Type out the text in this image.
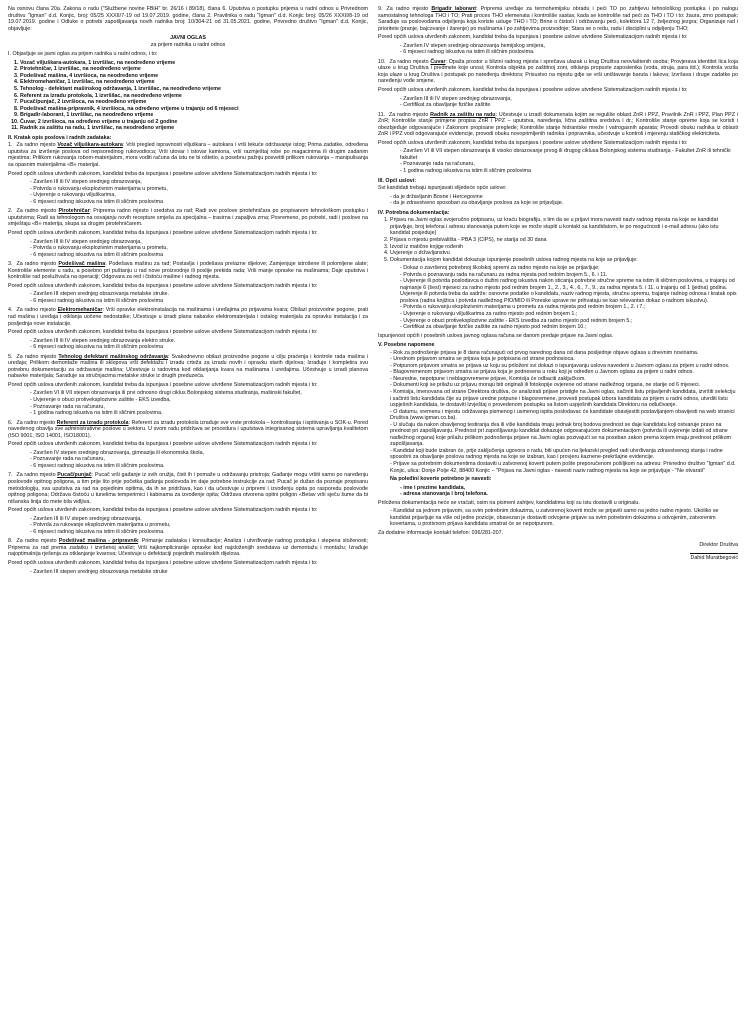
Na osnovu člana 20a. Zakona o radu ("Službene novine FBiH" br. 26/16 i 89/18), člana 6. Uputstva o postupku prijema u radni odnos u Privrednom društvu "Igman" d.d. Konjic, broj: 05/25 XXXII/7-19 od 19.07.2019. godine, člana 2. Pravilnika o radu "Igman" d.d. Konjic broj: 05/26 XXXII/8-19 od 19.07.2019. godine i Odluke o potrebi zapošljavanja novih radnika broj: 10/304-21 od 31.05.2021. godine, Privredno društvo "Igman" d.d. Konjic, objavljuje:

JAVNI OGLAS
za prijem radnika u radni odnos

I. Objavljuje se javni oglas za prijem radnika u radni odnos, i to:

1. Vozač viljuškara-autokara, 1 izvršilac, na neodređeno vrijeme
2. Pirotehničar, 1 izvršilac, na neodređeno vrijeme
3. Podešivač mašina, 4 izvršioca, na neodređeno vrijeme
4. Elektromehaničar, 1 izvršilac, na neodređeno vrijeme
5. Tehnolog - defektant mašinskog održavanja, 1 izvršilac, na neodređeno vrijeme
6. Referent za izradu protokola, 1 izvršilac, na neodređeno vrijeme
7. Pucač/punjač, 2 izvršioca, na neodređeno vrijeme
8. Podešivač mašina-pripravnik, 4 izvršioca, na određeno vrijeme u trajanju od 6 mjeseci
9. Brigadir-laborant, 1 izvršilac, na neodređeno vrijeme
10. Čuvar, 2 izvršioca, na određeno vrijeme u trajanju od 2 godine
11. Radnik za zaštitu na radu, 1 izvršilac, na neodređeno vrijeme
II. Kratak opis poslova i radnih zadataka:

1. Za radno mjesto Vozač viljuškara-autokara: Vrši pregled ispravnosti viljuškara – autokara i vrši tekuće održavanje istog; Prima zadatke, određena uputstva za izvršenje poslova od nepsoredinog rukovodioca; Vrši utovar i istovar kamiona, vrši razmještaj robe po magacinima ili drugim zadanim mjestima; Prilikom rukovanja robom-materijalom, mora voditi računa da istu ne bi oštetio, a posebnu pažnju posvetiti prilikom rukovanja – manipulisanja sa opasnim materijalima «B» materijal.

Pored općih uslova utvrđenih zakonom, kandidat treba da ispunjava i posebne uslove utvrđene Sistematizacijom radnih mjesta i to:

- Završen III ili IV stepen srednjeg obrazovanja,
- Potvrda o rukovanju eksplozivnim materijama u prometu,
- Uvjerenje o rukovanju viljuškarima,
- 6 mjeseci radnog iskustva na istim ili sličnim poslovima

2. Za radno mjesto Pirotehničar: Priprema radno mjesto i sredstva za rad; Radi sve poslove pirotehničara po propisanom tehnološkom postupku i uputstvima; Radi sa tehnologom na osvajanju novih recepture smješa za specijalna – trasirna i zapaljiva zrna; Povremeno, po potrebi, radi i poslove na smještaju «B» materija, skupa sa drugim pirotehničarem.

Pored općih uslova utvrđenih zakonom, kandidat treba da ispunjava i posebne uslove utvrđene Sistematizacijom radnih mjesta i to:

- Završen III ili IV stepen srednjeg obrazovanja,
- Potvrda o rukovanju eksplozivnim materijama u prometu,
- 6 mjeseci radnog iskustva na istim ili sličnim poslovima

3. Za radno mjesto Podešivač mašina: Podešava mašinu za rad; Postavlja i podešava prelazne dijelove; Zamjenjuje istrošene ili polomljene alate; Kontroliše elemente u radu, a posebno pri puštanju u rad nove proizvodnje ili poslije prekida rada; Vrši manje opravke na mašinama; Daje uputstva i kontroliše rad posluživača na operaciji; Odgovara za red i čistoću mašine i radnog mjesta.

Pored općih uslova utvrđenih zakonom, kandidat treba da ispunjava i posebne uslove utvrđene Sistematizacijom radnih mjesta i to:

- Završen III stepen srednjeg obrazovanja metalske struke.
- 6 mjeseci radnog iskustva na istim ili sličnim poslovima

4. Za radno mjesto Elektromehaničar: Vrši opravke elektroinstalacija na mašinama i uređajima po prijavama kvara; Obilazi proizvodne pogone, prati rad mašina i uređaja i otklanja uočene nedostatke; Učestvuje u izradi plana nabavke elektromaterijala i ostalog materijala za opravku instalacija i za posljednja nove instalacije.

Pored općih uslova utvrđenih zakonom, kandidat treba da ispunjava i posebne uslove utvrđene Sistematizacijom radnih mjesta i to:

- Završen III ili IV stepen srednjeg obrazovanja elektro struke.
- 6 mjeseci radnog iskustva na istim ili sličnim poslovima

5. Za radno mjesto Tehnolog defektant mašinskog održavanja: Svakodnevno obilazi proizvodne pogone u cilju praćenja i kontrole rada mašina i uređaja; Prilikom demontaže mašina ili sklopova vrši defektažu i izradu crteža za izradu novih i opravku starih dijelova; Izrađuje i kompletira svu potrebnu dokumentaciju za održavanje mašina; Učestvuje u radovima kod otklanjanja kvara na mašinama i uređajima. Učestvuje u izradi planova nabavke materijala; Sarađuje sa stručnjacima metalske struke iz drugih preduzeća.

Pored općih uslova utvrđenih zakonom, kandidat treba da ispunjava i posebne uslove utvrđene Sistematizacijom radnih mjesta i to:

- Završen VI ili VII stepen obrazovanja ili prvi odnosno drugi ciklus Bolonjskog sistema studiranja, mašinski fakultet,
- Uvjerenje o obuci protiveksplozivne zaštite - EKS izvedba,
- Poznavanje rada na računaru,
- 1 godina radnog iskustva na istim ili sličnim poslovima.

6. Za radno mjesto Referent za izradu protokola: Referent za izradu protokola izrađuje sve vrste protokola – kontrolisanja i ispitivanja u SOK-u. Pored navedenog obavlja sve administrativne poslove u sektoru. U svom radu pridržava se procedura i uputstava integrisanog sistema upravljanja kvalitetom (ISO 9001, ISO 14001, ISO18001).

Pored općih uslova utvrđenih zakonom, kandidat treba da ispunjava i posebne uslove utvrđene Sistematizacijom radnih mjesta i to:

- Završen IV stepen srednjeg obrazovanja, gimnazija ili ekonomska škola,
- Poznavanje rada na računaru,
- 6 mjeseci radnog iskustva na istim ili sličnim poslovima.

7. Za radno mjesto Pucač/punjač: Pucač vrši gađanje iz svih oružja, čisti ih i pomaže u održavanju pristroja; Gađanje mogu vršiti samo po naređenju poslovođe opitnog poligona, a tim prije što prije početka gađanja poslovođa im daje potrebne instrukcije za rad; Pucač je dužan da poznaje propisanu metodologiju, sva uputstva za rad na pojedinim opitima, da ih se pridržava, kao i da učestvuje u pripremi i izvođenju opita po rasporedu poslovođe opitnog poligona; Održava čistoću u tunelima temperirnici i kabinama za izvođenje opita; Održava otvorena opitni poligon «Betav vrši sječu šume da bi nišanska linija do mete bila vidljiva.

Pored općih uslova utvrđenih zakonom, kandidat treba da ispunjava i posebne uslove utvrđene Sistematizacijom radnih mjesta i to:

- Završen III ili IV stepen srednjeg obrazovanja,
- Potvrda za rukovanje eksplozivnim materijama u prometu,
- 6 mjeseci radnog iskustva na istim ili sličnim poslovima.

8. Za radno mjesto Podešivač mašina - pripravnik: Primanje zadataka i konsultacije; Analiza i utvrđivanje radnog postupka i stepena složenosti; Priprema za rad prema zadatku i izvršenoj analizi; Vrši najkompliciranije opravke kod najsloženijih sredstava uz demontažu i montažu; Izrađuje najoptimalnija rješenja za otklanjanje kvarova; Učestvuje u defektaciji pojedinih mašinskih dijelova.

Pored općih uslova utvrđenih zakonom, kandidat treba da ispunjava i posebne uslove utvrđene Sistematizacijom radnih mjesta i to:

- Završen III stepen srednjeg obrazovanja metalske struke

9. Za radno mjesto Brigadir laborant: Priprema uređaje za termohemijsku obradu i peći TO po zahtjevu tehnološkog postupka i po nalogu samostalnog tehnologa THO i TO; Prati proces THO elemenata i kontroliše sastav, kada se kontroliše rad peći za THO i TO i to: žaura, zrno postupak; Sarađuje sa poslovođama odjeljenja koja koriste usluge THO i TO; Brine o čistoći i održavanju peći, kolektora 12 7, željeznog jezgra; Organizuje rad i prioritete (pranje, bajcovanje i žarenje) po mašinama i po zahtjevima proizvodnje; Stara se o redu, radu i disciplini u odjeljenju THO;

Pored općih uslova utvrđenih zakonom, kandidat treba da ispunjava i posebne uslove utvrđene Sistematizacijom radnih mjesta i to:

- Završen IV stepen srednjeg obrazovanja hemijskog smijera,
- 6 mjeseci radnog iskustva na istim ili sličnim poslovima.

10. Za radno mjesto Čuvar: Opaža prostor u blizini radnog mjesta i sprečava ulazak u krug Društva neovlaštenih osoba; Provjerava identitet lica koja ulaze u krug Društva i predmete koje unosi; Kontrola objekta po zaštitnoj zoni, otklanja propuste zaposlenika (voda, struja, para itd.); Kontrola vozila koja ulaze u krug Društva i postupak po naređenju direktora; Prisustvo na mjestu gdje se vrši uništavanje baruta i lakova; Izvršava i druge zadatke po naređenju vođe smjene.

Pored općih uslova utvrđenih zakonom, kandidat treba da ispunjava i posebne uslove utvrđene Sistematizacijom radnih mjesta i to:

- Završen III ili IV stepen srednjeg obrazovanja,
- Certifikat za obavljanje fizičke zaštite

11. Za radno mjesto Radnik za zaštitu na radu: Učestvuje u izradi dokumenata kojim se reguliše oblast ZnR i PPZ, Pravilnik ZnR i PPZ, Plan PPZ i ZnR; Kontroliše stanje primjene propisa ZnR i PPZ – uputstva, naređenja, lična zaštitna sredstva i dr.; Kontroliše stanje opreme koja se koristi i obezbjeđuje odgovarajuće i Zakonom propisane preglede; Kontroliše stanje hidrantske mreže i vatrogasnih aparata; Provodi obuku radnika iz oblasti ZnR i PPZ vodi odgovarajuće evidencije, provodi obuku novoprimljenih radnika i pripravnika, učestvuje u kontroli i mjerenju statičkog elektriciteta.

Pored općih uslova utvrđenih zakonom, kandidat treba da ispunjava i posebne uslove utvrđene Sistematizacijom radnih mjesta i to:

- Završen VI ili VII stepen obrazovanja ili visoko obrazovanje prvog ili drugog ciklusa Bolonjskog sistema studiranja - Fakultet ZnR ili tehnički fakultet
- Poznavanje rada na računaru,
- 1 godina radnog iskustva na istim ili sličnim poslovima
III. Opći uslovi:

Svi kandidati trebaju ispunjavati slijedeće opće uslove:

- da je državljanin Bosne i Hercegovine
- da je zdravstveno sposoban za obavljanje poslova za koje se prijavljuje.
IV. Potrebna dokumentacija:
1. Prijavu na Javni oglas svojeručno potpisanu, uz kraću biografiju, s tim da se u prijavi mora navesti naziv radnog mjesta na koje se kandidat prijavljuje, broj telefona i adresu stanovanja putem koje se može stupiti u kontakt sa kandidatom, te po mogućnosti i e-mail adresu (ako istu kandidat posjeduje)
2. Prijava o mjestu prebivališta - PBA 3 (CIPS), ne starija od 30 dana
3. Izvod iz matične knjige rođenih
4. Uvjerenje o državljanstvu
5. Dokumentacija kojom kandidat dokazuje ispunjenje posebnih uslova radnog mjesta na koje se prijavljuje:
- Dokaz o završenoj potrebnoj školskoj spremi za radno mjesto na koje se prijavljuje;
- Potvrda o poznavanju rada na računaru za radna mjesta pod rednim brojem 5., 6. i 11.
- Uvjerenje ili potvrda poslodavca o dužini radnog iskustva nakon sticanja potrebne stručne spreme na istim ili sličnim poslovima, u trajanju od najmanje 6 (šest) mjeseci za radno mjesto pod rednim brojem 1., 2., 3., 4., 6., 7., 9., za radna mjesta 5. i 11. u trajanju od 1 (jedna) godina. Uvjerenje ili potvrda treba da sadrže: osnovne podatke o kandidatu, naziv radnog mjesta, stručnu spremu, trajanje radnog odnosa i kratak opis poslova (radna knjižica i potvrda nadležnog PIO/MIO ili Poreske uprave ne prihvataju se kao relevantan dokaz o radnom iskustvu).
- Potvrda o rukovanju eksplozivnim materijama u prometu za radna mjesta pod rednim brojem 1., 2. i 7.;
- Uvjerenje o rukovanju viljuškarima za radno mjesto pod rednim brojem 1.;
- Uvjerenje o obuci protiveksplozivne zaštite - EKS izvedba za radno mjesto pod rednim brojem 5.;
- Certifikat za obavljanje fizičke zaštite za radno mjesto pod rednim brojem 10.;

Ispunjenost općih i posebnih uslova javnog oglasa računa se danom predaje prijave na Javni oglas.

V. Posebne napomene
- Rok za podnošenje prijava je 8 dana računajući od prvog narednog dana od dana posljednje objave oglasa u dnevnim novinama.
- Urednom prijavom smatra se prijava koja je potpisana od strane podnosioca.
- Potpunom prijavom smatra se prijava uz koju su priloženi svi dokazi o ispunjavanju uslova navedeni u Javnom oglasu za prijem u radni odnos.
- Blagovremenom prijavom smatra se prijava koja je podnesena u roku koji je određen u Javnom oglasu za prijem u radni odnos.
- Neuredne, nepotpune i neblagovremene prijave, Komisija će odbaciti zaključkom.
- Dokumenti koji se prilažu uz prijavu moraju biti originali ili fotokopije ovjerene od strane nadležnog organa, ne starije od 6 mjeseci.
- Komisija, imenovana od strane Direktora društva, će analizirati prijave pristigle na Javni oglas, sačiniti listu prijavljenih kandidata, izvršiti selekciju i sačiniti listu kandidata čije su prijave uredne potpune i blagovremene, provesti postupak izbora kandidata za prijem u radni odnos, utvrditi listu uspješnih kandidata, te dostaviti Izvještaj o provedenom postupku sa listom uspješnih kandidata Direktoru na odlučivanje.
- O datumu, vremenu i mjestu održavanja pismenog i usmenog ispita poslodavac će kandidate obavijestiti postavljanjem obavijesti na web stranici Društva (www.igman.co.ba).
- U slučaju da nakon obavljenog testiranja dva ili više kandidata imaju jednak broj bodova prednost se daje kandidatu koji ostvaruje pravo na prednost pri zapošljavanju. Prednost pri zapošljavanju kandidat dokazuje odgovarajućom dokumentacijom (potvrda ili uvjerenje izdati od strane nadležnog organa) koje prilažu prilikom podnošenja prijave na Javni oglas pozivajući se na poseban zakon prema kojem imaju prednost prilikom zapošljavanja.
- Kandidat koji bude izabran će, prije zaključenja ugovora o radu, biti upućen na ljekarski pregled radi utvrđivanja zdravstvenog stanja i radne sposobni za obavljanje poslova radnog mjesta na koje se izabran, kao i provjeru kaznene-prekršajne evidencije.
- Prijave sa potrebnim dokumentima dostaviti u zatvorenoj koverti putem pošte preporučenom pošiljkom na adresu: Privredno društvo "Igman" d.d. Konjic, ulica: Donje Polje 42, 88400 Konjic – "Prijava na Javni oglas - navesti naziv radnog mjesta na koje se prijavljuje - "Ne otvarati"

Na poleđini koverte potrebno je navesti:

- ime i prezime kandidata,
- adresa stanovanja i broj telefona.

Priložena dokumentacija neće se vraćati, osim na pismeni zahtjev, kandidatima koji su istu dostavili u originalu.

- Kandidat sa jednom prijavom, sa svim potrebnim dokazima, u zatvorenoj koverti može se prijaviti samo na jedno radno mjesto. Ukoliko se kandidat prijavljuje na više od jedne pozicije, obavezan je dostaviti odvojene prijave sa svim potrebnim dokazima u odvojenim, zatvorenim kovertama, u protivnom prijava kandidata smatrat će se nepotpunom.

Za dodatne informacije kontakt telefon: 036/281-207.

Direktor Društva
Dahid Muratbegović
